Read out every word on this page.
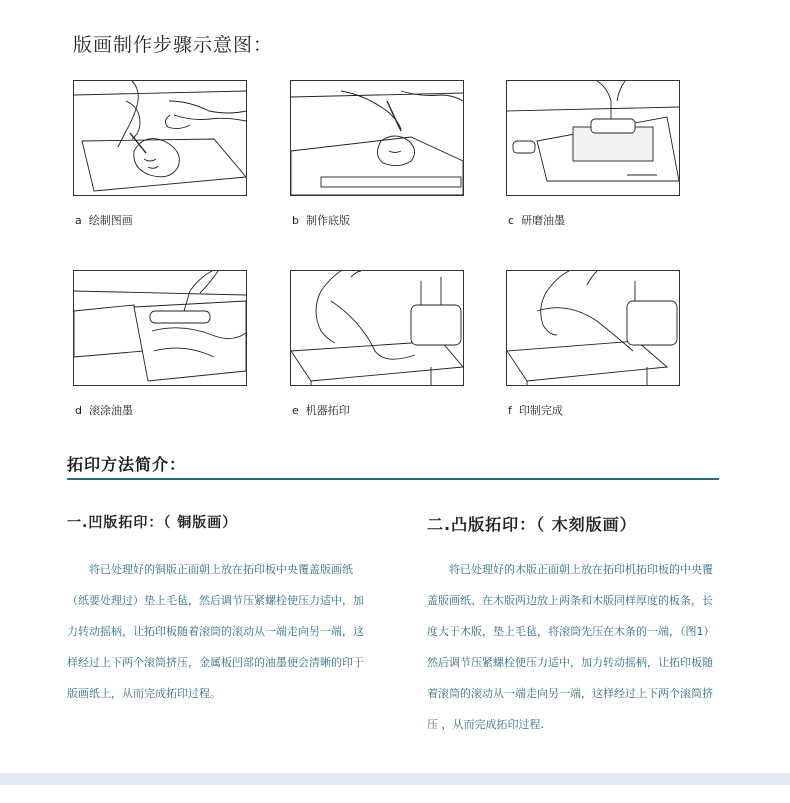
版画制作步骤示意图：
a 绘制图画	b 制作底版	c 研磨油墨
d 滚涂油墨	e 机器拓印	f 印制完成
拓印方法简介：
一.凹版拓印：（ 铜版画）	二.凸版拓印：（ 木刻版画）
将已处理好的铜版正面朝上放在拓印板中央覆盖版画纸（纸要处理过）垫上毛毡，然后调节压紧螺栓使压力适中，加力转动摇柄，让拓印板随着滚筒的滚动从一端走向另一端，这样经过上下两个滚筒挤压，金属板凹部的油墨便会清晰的印于版画纸上，从而完成拓印过程。
将已处理好的木版正面朝上放在拓印机拓印板的中央覆盖版画纸、在木版两边放上两条和木版同样厚度的板条，长度大于木版，垫上毛毡，将滚筒先压在木条的一端，（图1）然后调节压紧螺栓使压力适中，加力转动摇柄，让拓印板随着滚筒的滚动从一端走向另一端，这样经过上下两个滚筒挤压 ，从而完成拓印过程.
